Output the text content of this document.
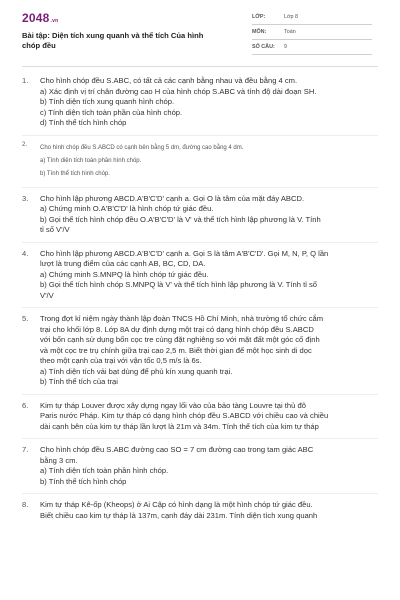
2048.vn
Bài tập: Diện tích xung quanh và thể tích Của hình chóp đều
LỚP:	Lớp 8
MÔN:	Toán
SỐ CÂU: 9
1. Cho hình chóp đều S.ABC, có tất cả các cạnh bằng nhau và đều bằng 4 cm.
a) Xác định vị trí chân đường cao H của hình chóp S.ABC và tính độ dài đoạn SH.
b) Tính diện tích xung quanh hình chóp.
c) Tính diện tích toàn phần của hình chóp.
d) Tính thể tích hình chóp
2. Cho hình chóp đều S.ABCD có cạnh bên bằng 5 dm, đường cao bằng 4 dm.
a) Tính diện tích toàn phần hình chóp.
b) Tính thể tích hình chóp.
3. Cho hình lập phương ABCD.A'B'C'D' cạnh a. Gọi O là tâm của mặt đáy ABCD.
a) Chứng minh O.A'B'C'D' là hình chóp tứ giác đều.
b) Gọi thể tích hình chóp đều O.A'B'C'D' là V' và thể tích hình lập phương là V. Tính
tỉ số V'/V
4. Cho hình lập phương ABCD.A'B'C'D' cạnh a. Gọi S là tâm A'B'C'D'. Gọi M, N, P, Q lần
lượt là trung điểm của các cạnh AB, BC, CD, DA.
a) Chứng minh S.MNPQ là hình chóp tứ giác đều.
b) Gọi thể tích hình chóp S.MNPQ là V' và thể tích hình lập phương là V. Tính tỉ số
V'/V
5. Trong đợt kỉ niệm ngày thành lập đoàn TNCS Hồ Chí Minh, nhà trường tổ chức cắm
trại cho khối lớp 8. Lớp 8A dự định dựng một trại có dạng hình chóp đều S.ABCD
với bốn cạnh sử dụng bốn cọc tre cùng đặt nghiêng so với mặt đất một góc cố định
và một cọc tre trụ chính giữa trại cao 2,5 m. Biết thời gian để một học sinh di dọc
theo một cạnh của trại với vận tốc 0,5 m/s là 6s.
a) Tính diện tích vải bạt dùng để phủ kín xung quanh trại.
b) Tính thể tích của trại
6. Kim tự tháp Louver được xây dựng ngay lối vào của bảo tàng Louvre tại thủ đô
Paris nước Pháp. Kim tự tháp có dạng hình chóp đều S.ABCD với chiều cao và chiều
dài cạnh bên của kim tự tháp lần lượt là 21m và 34m. Tính thể tích của kim tự tháp
7. Cho hình chóp đều S.ABC đường cao SO = 7 cm đường cao trong tam giác ABC
bằng 3 cm.
a) Tính diện tích toàn phần hình chóp.
b) Tính thể tích hình chóp
8. Kim tự tháp Kê-ốp (Kheops) ở Ai Cập có hình dạng là một hình chóp tứ giác đều.
Biết chiều cao kim tự tháp là 137m, cạnh đáy dài 231m. Tính diện tích xung quanh
